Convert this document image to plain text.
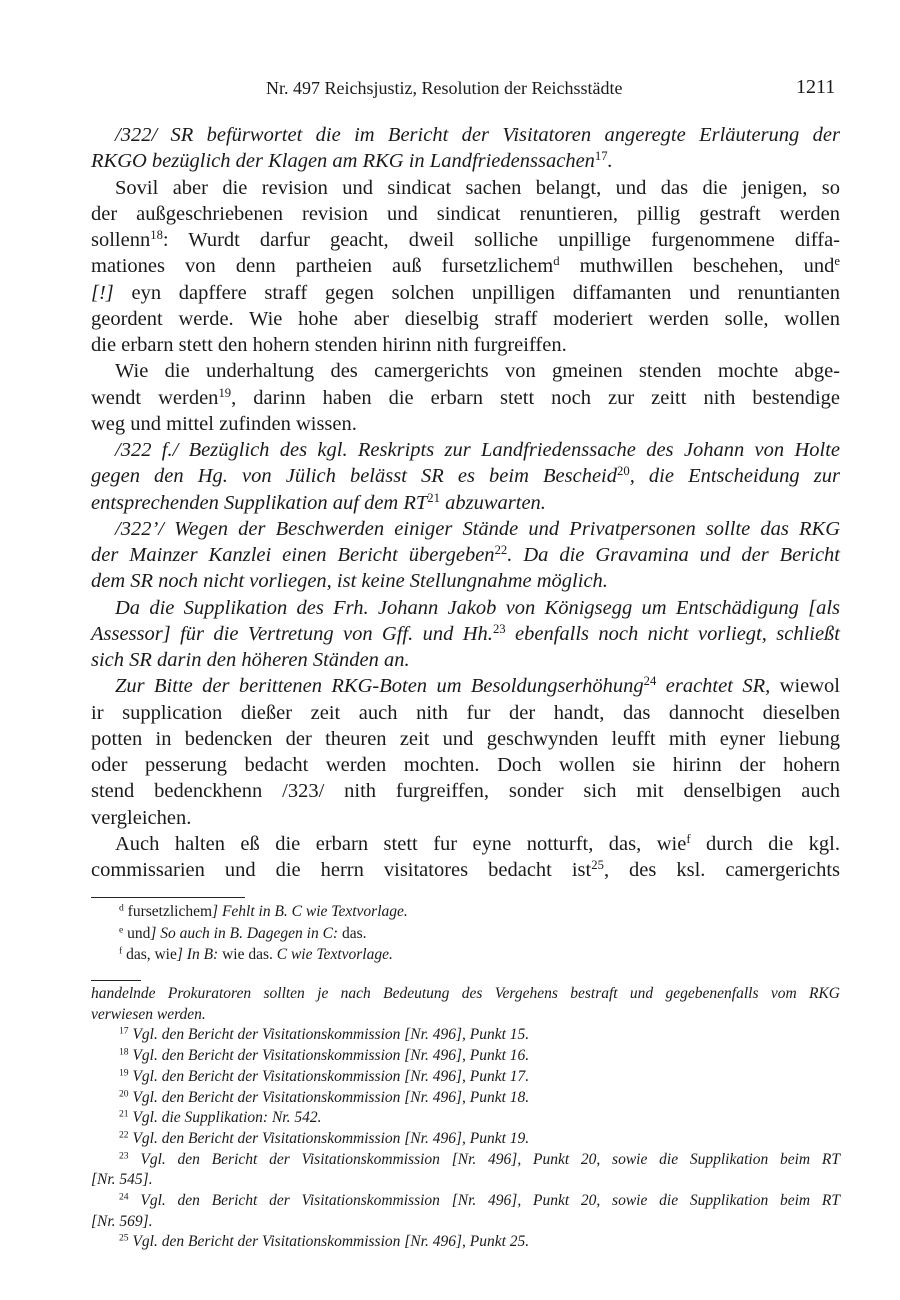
Nr. 497 Reichsjustiz, Resolution der Reichsstädte	1211
/322/ SR befürwortet die im Bericht der Visitatoren angeregte Erläuterung der
RKGO bezüglich der Klagen am RKG in Landfriedenssachen$^{17}$.
Sovil aber die revision und sindicat sachen belangt, und das die jenigen, so
der außgeschriebenen revision und sindicat renuntieren, pillig gestraft werden
sollenn$^{18}$: Wurdt darfur geacht, dweil solliche unpillige furgenommene diffa-
mationes von denn partheien auß fursetzlichem$^d$ muthwillen beschehen, und$^e$
[!] eyn dapffere straff gegen solchen unpilligen diffamanten und renuntianten
geordent werde. Wie hohe aber dieselbig straff moderiert werden solle, wollen
die erbarn stett den hohern stenden hirinn nith furgreiffen.
Wie die underhaltung des camergerichts von gmeinen stenden mochte abge-
wendt werden$^{19}$, darinn haben die erbarn stett noch zur zeitt nith bestendige
weg und mittel zufinden wissen.
/322 f./ Bezüglich des kgl. Reskripts zur Landfriedenssache des Johann von Holte
gegen den Hg. von Jülich belässt SR es beim Bescheid$^{20}$, die Entscheidung zur
entsprechenden Supplikation auf dem RT$^{21}$ abzuwarten.
/322’/ Wegen der Beschwerden einiger Stände und Privatpersonen sollte das RKG
der Mainzer Kanzlei einen Bericht übergeben$^{22}$. Da die Gravamina und der Bericht
dem SR noch nicht vorliegen, ist keine Stellungnahme möglich.
Da die Supplikation des Frh. Johann Jakob von Königsegg um Entschädigung [als
Assessor] für die Vertretung von Gff. und Hh.$^{23}$ ebenfalls noch nicht vorliegt, schließt
sich SR darin den höheren Ständen an.
Zur Bitte der berittenen RKG-Boten um Besoldungserhöhung$^{24}$ erachtet SR, wiewol
ir supplication dießer zeit auch nith fur der handt, das dannocht dieselben
potten in bedencken der theuren zeit und geschwynden leufft mith eyner liebung
oder pesserung bedacht werden mochten. Doch wollen sie hirinn der hohern
stend bedenckhenn /323/ nith furgreiffen, sonder sich mit denselbigen auch
vergleichen.
Auch halten eß die erbarn stett fur eyne notturft, das, wie$^f$ durch die kgl.
commissarien und die herrn visitatores bedacht ist$^{25}$, des ksl. camergerichts
$^d$ fursetzlichem] Fehlt in B. C wie Textvorlage.
$^e$ und] So auch in B. Dagegen in C: das.
$^f$ das, wie] In B: wie das. C wie Textvorlage.
handelnde Prokuratoren sollten je nach Bedeutung des Vergehens bestraft und gegebenenfalls vom RKG
verwiesen werden.
$^{17}$ Vgl. den Bericht der Visitationskommission [Nr. 496], Punkt 15.
$^{18}$ Vgl. den Bericht der Visitationskommission [Nr. 496], Punkt 16.
$^{19}$ Vgl. den Bericht der Visitationskommission [Nr. 496], Punkt 17.
$^{20}$ Vgl. den Bericht der Visitationskommission [Nr. 496], Punkt 18.
$^{21}$ Vgl. die Supplikation: Nr. 542.
$^{22}$ Vgl. den Bericht der Visitationskommission [Nr. 496], Punkt 19.
$^{23}$ Vgl. den Bericht der Visitationskommission [Nr. 496], Punkt 20, sowie die Supplikation beim RT
[Nr. 545].
$^{24}$ Vgl. den Bericht der Visitationskommission [Nr. 496], Punkt 20, sowie die Supplikation beim RT
[Nr. 569].
$^{25}$ Vgl. den Bericht der Visitationskommission [Nr. 496], Punkt 25.
